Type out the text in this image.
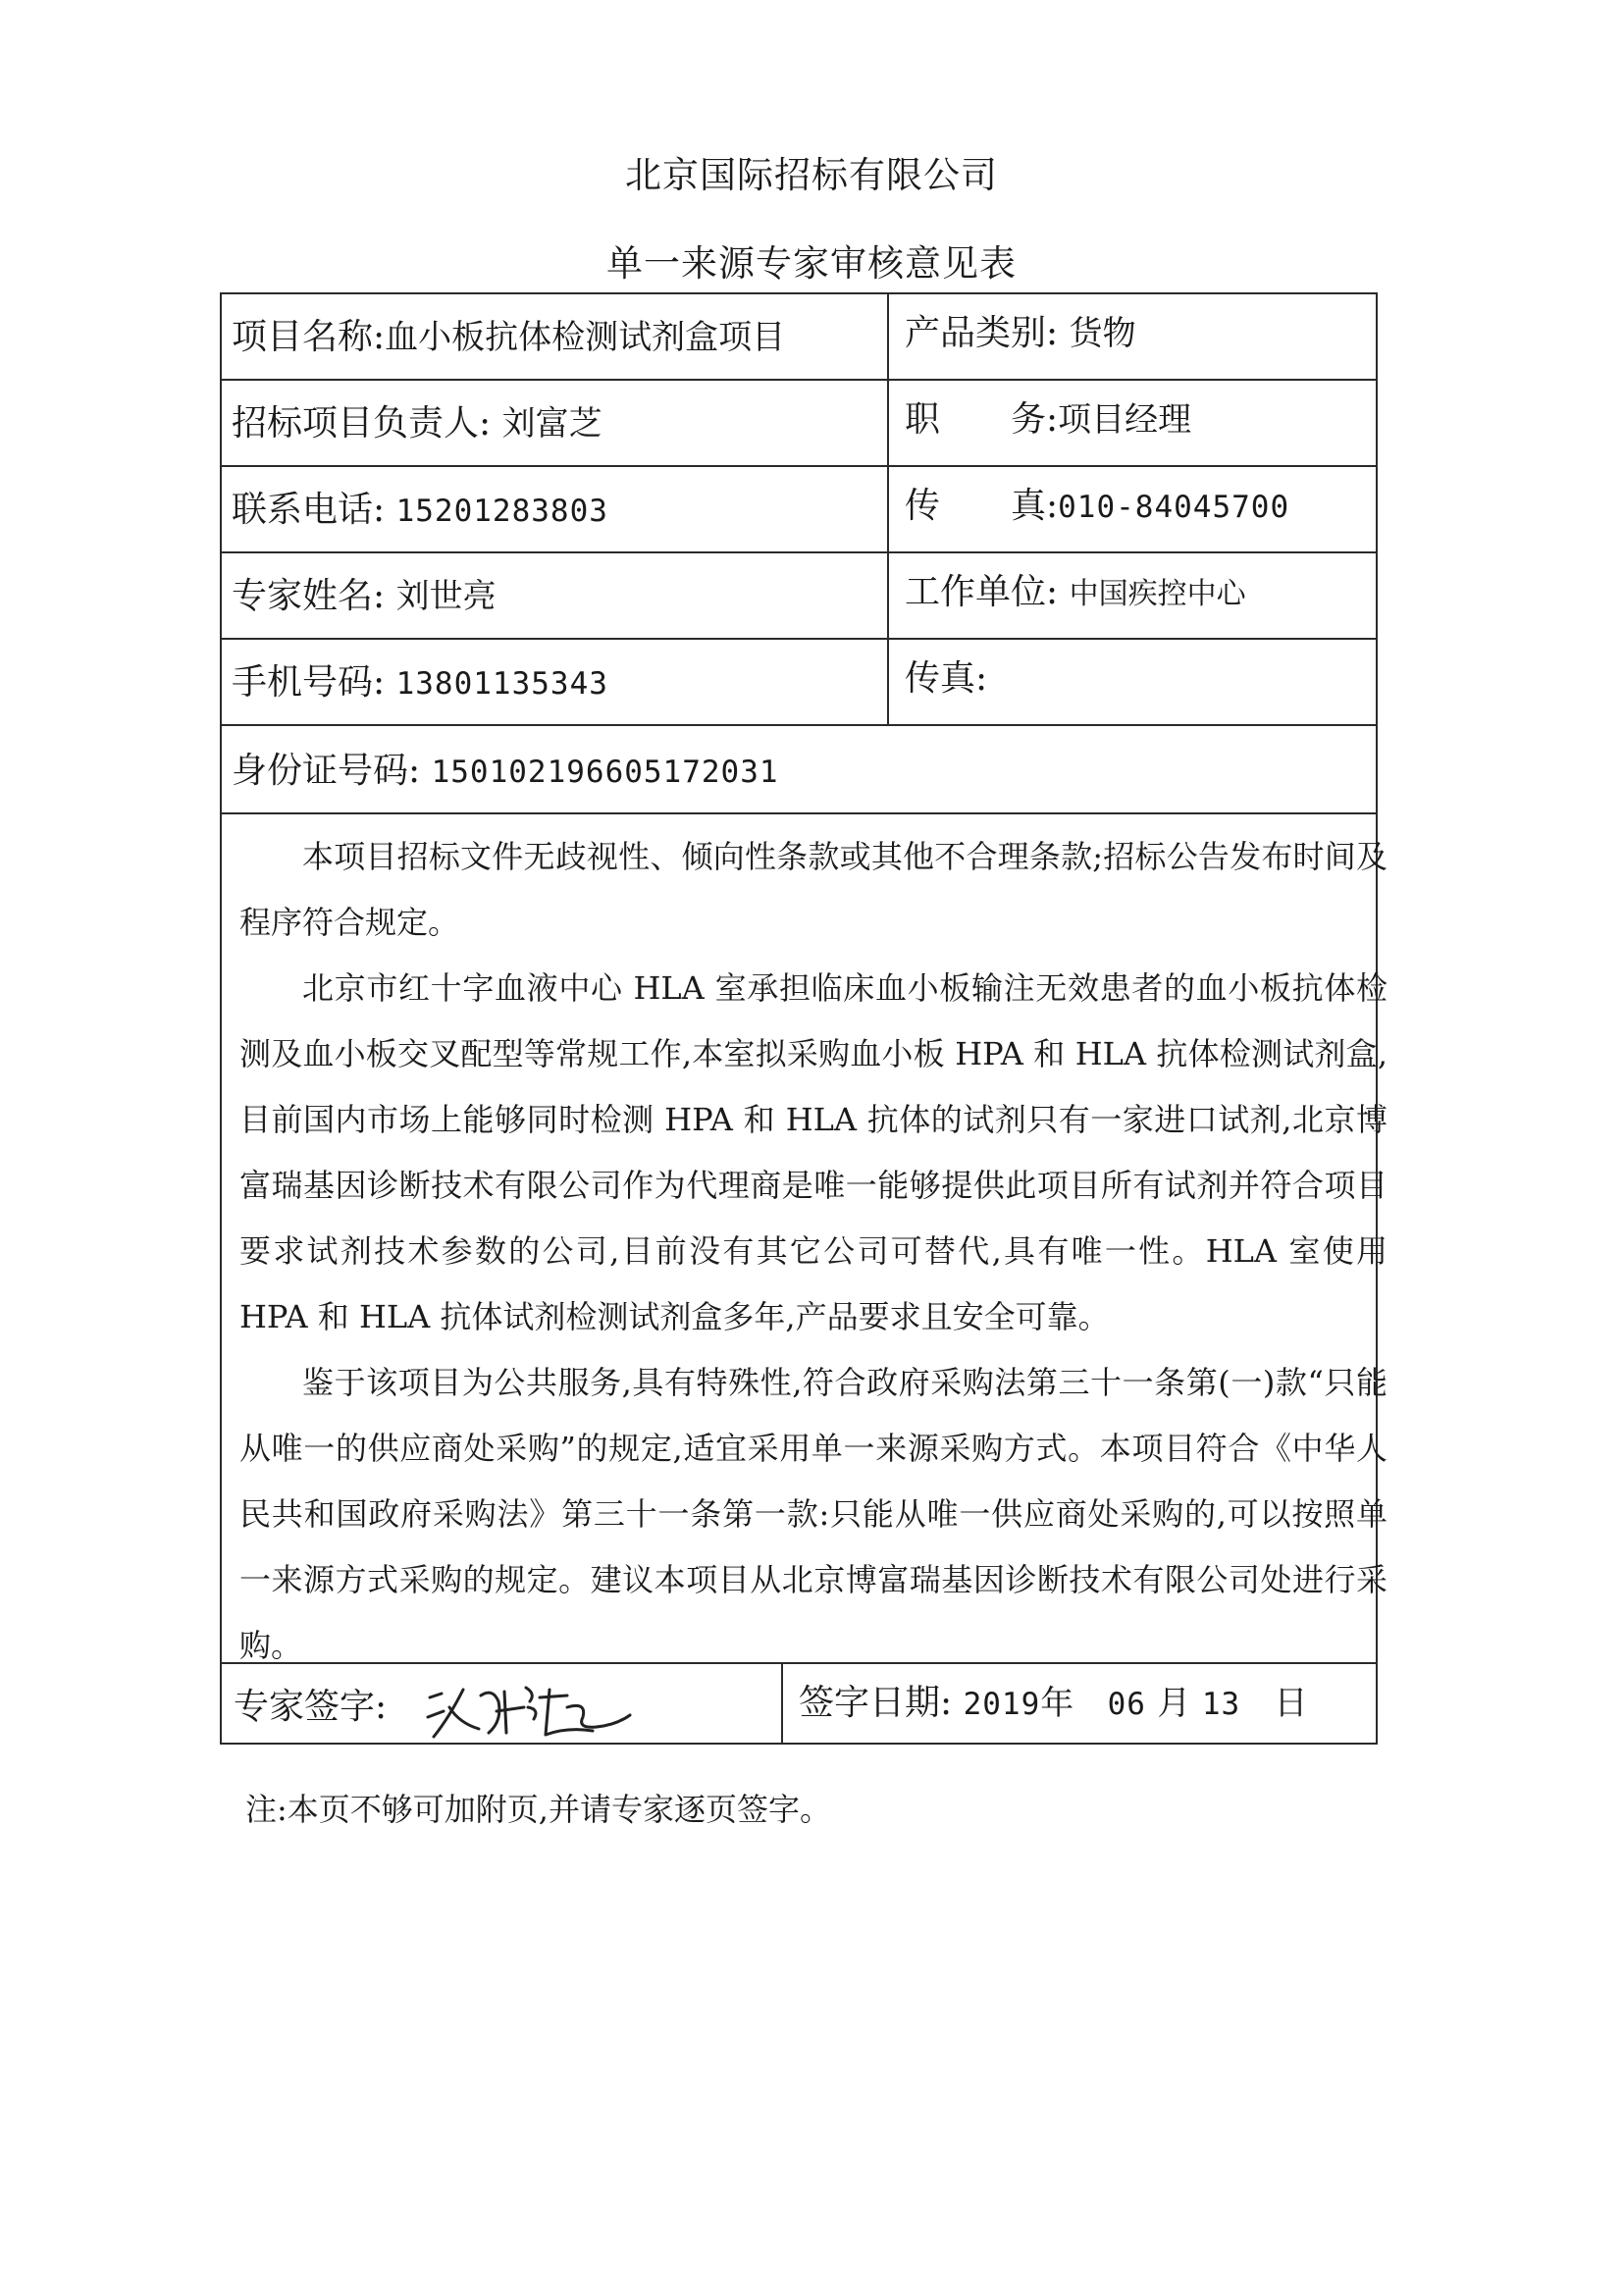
北京国际招标有限公司
单一来源专家审核意见表
项目名称:血小板抗体检测试剂盒项目	产品类别: 货物
招标项目负责人: 刘富芝	职　　务:项目经理
联系电话: 15201283803	传　　真:010-84045700
专家姓名: 刘世亮	工作单位: 中国疾控中心
手机号码: 13801135343	传真:
身份证号码: 150102196605172031
专家签字:	签字日期: 2019年 06 月 13 日

本项目招标文件无歧视性、倾向性条款或其他不合理条款;招标公告发布时间及程序符合规定。

北京市红十字血液中心 HLA 室承担临床血小板输注无效患者的血小板抗体检测及血小板交叉配型等常规工作,本室拟采购血小板 HPA 和 HLA 抗体检测试剂盒,目前国内市场上能够同时检测 HPA 和 HLA 抗体的试剂只有一家进口试剂,北京博富瑞基因诊断技术有限公司作为代理商是唯一能够提供此项目所有试剂并符合项目要求试剂技术参数的公司,目前没有其它公司可替代,具有唯一性。HLA 室使用 HPA 和 HLA 抗体试剂检测试剂盒多年,产品要求且安全可靠。

鉴于该项目为公共服务,具有特殊性,符合政府采购法第三十一条第(一)款“只能从唯一的供应商处采购”的规定,适宜采用单一来源采购方式。本项目符合《中华人民共和国政府采购法》第三十一条第一款:只能从唯一供应商处采购的,可以按照单一来源方式采购的规定。建议本项目从北京博富瑞基因诊断技术有限公司处进行采购。

注:本页不够可加附页,并请专家逐页签字。
